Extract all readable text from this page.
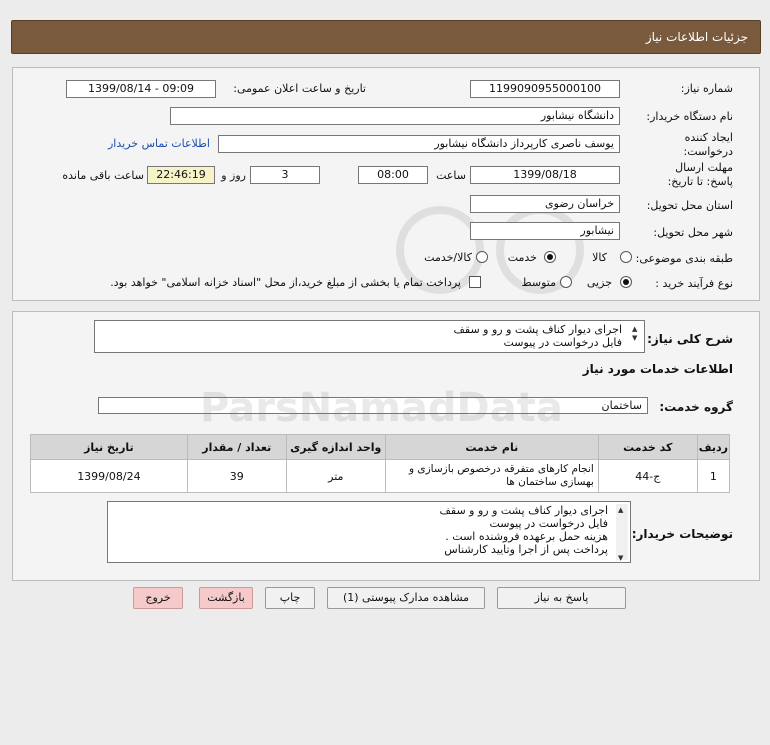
جزئیات اطلاعات نیاز
شماره نیاز:
1199090955000100
تاریخ و ساعت اعلان عمومی:
1399/08/14 - 09:09
نام دستگاه خریدار:
دانشگاه نیشابور
ایجاد کننده درخواست:
یوسف ناصری کارپرداز دانشگاه نیشابور
اطلاعات تماس خریدار
مهلت ارسال پاسخ: تا تاریخ:
1399/08/18
ساعت
08:00
3
روز و
22:46:19
ساعت باقی مانده
استان محل تحویل:
خراسان رضوی
شهر محل تحویل:
نیشابور
طبقه بندی موضوعی:
کالا
خدمت
کالا/خدمت
نوع فرآیند خرید :
جزیی
متوسط
پرداخت تمام یا بخشی از مبلغ خرید،از محل "اسناد خزانه اسلامی" خواهد بود.
شرح کلی نیاز:
اجرای دیوار کناف پشت و رو و سقف
فایل درخواست در پیوست
▲
▼
اطلاعات خدمات مورد نیاز
گروه خدمت:
ساختمان
ردیف	کد خدمت	نام خدمت	واحد اندازه گیری	تعداد / مقدار	تاریخ نیاز
1	ج-44	انجام کارهای متفرقه درخصوص بازسازی و بهسازی ساختمان ها	متر	39	1399/08/24
توضیحات خریدار:
اجرای دیوار کناف پشت و رو و سقف
فایل درخواست در پیوست
هزینه حمل برعهده فروشنده است .
پرداخت پس از اجرا وتایید کارشناس
▲
▼
پاسخ به نیاز
مشاهده مدارک پیوستی (1)
چاپ
بازگشت
خروج
